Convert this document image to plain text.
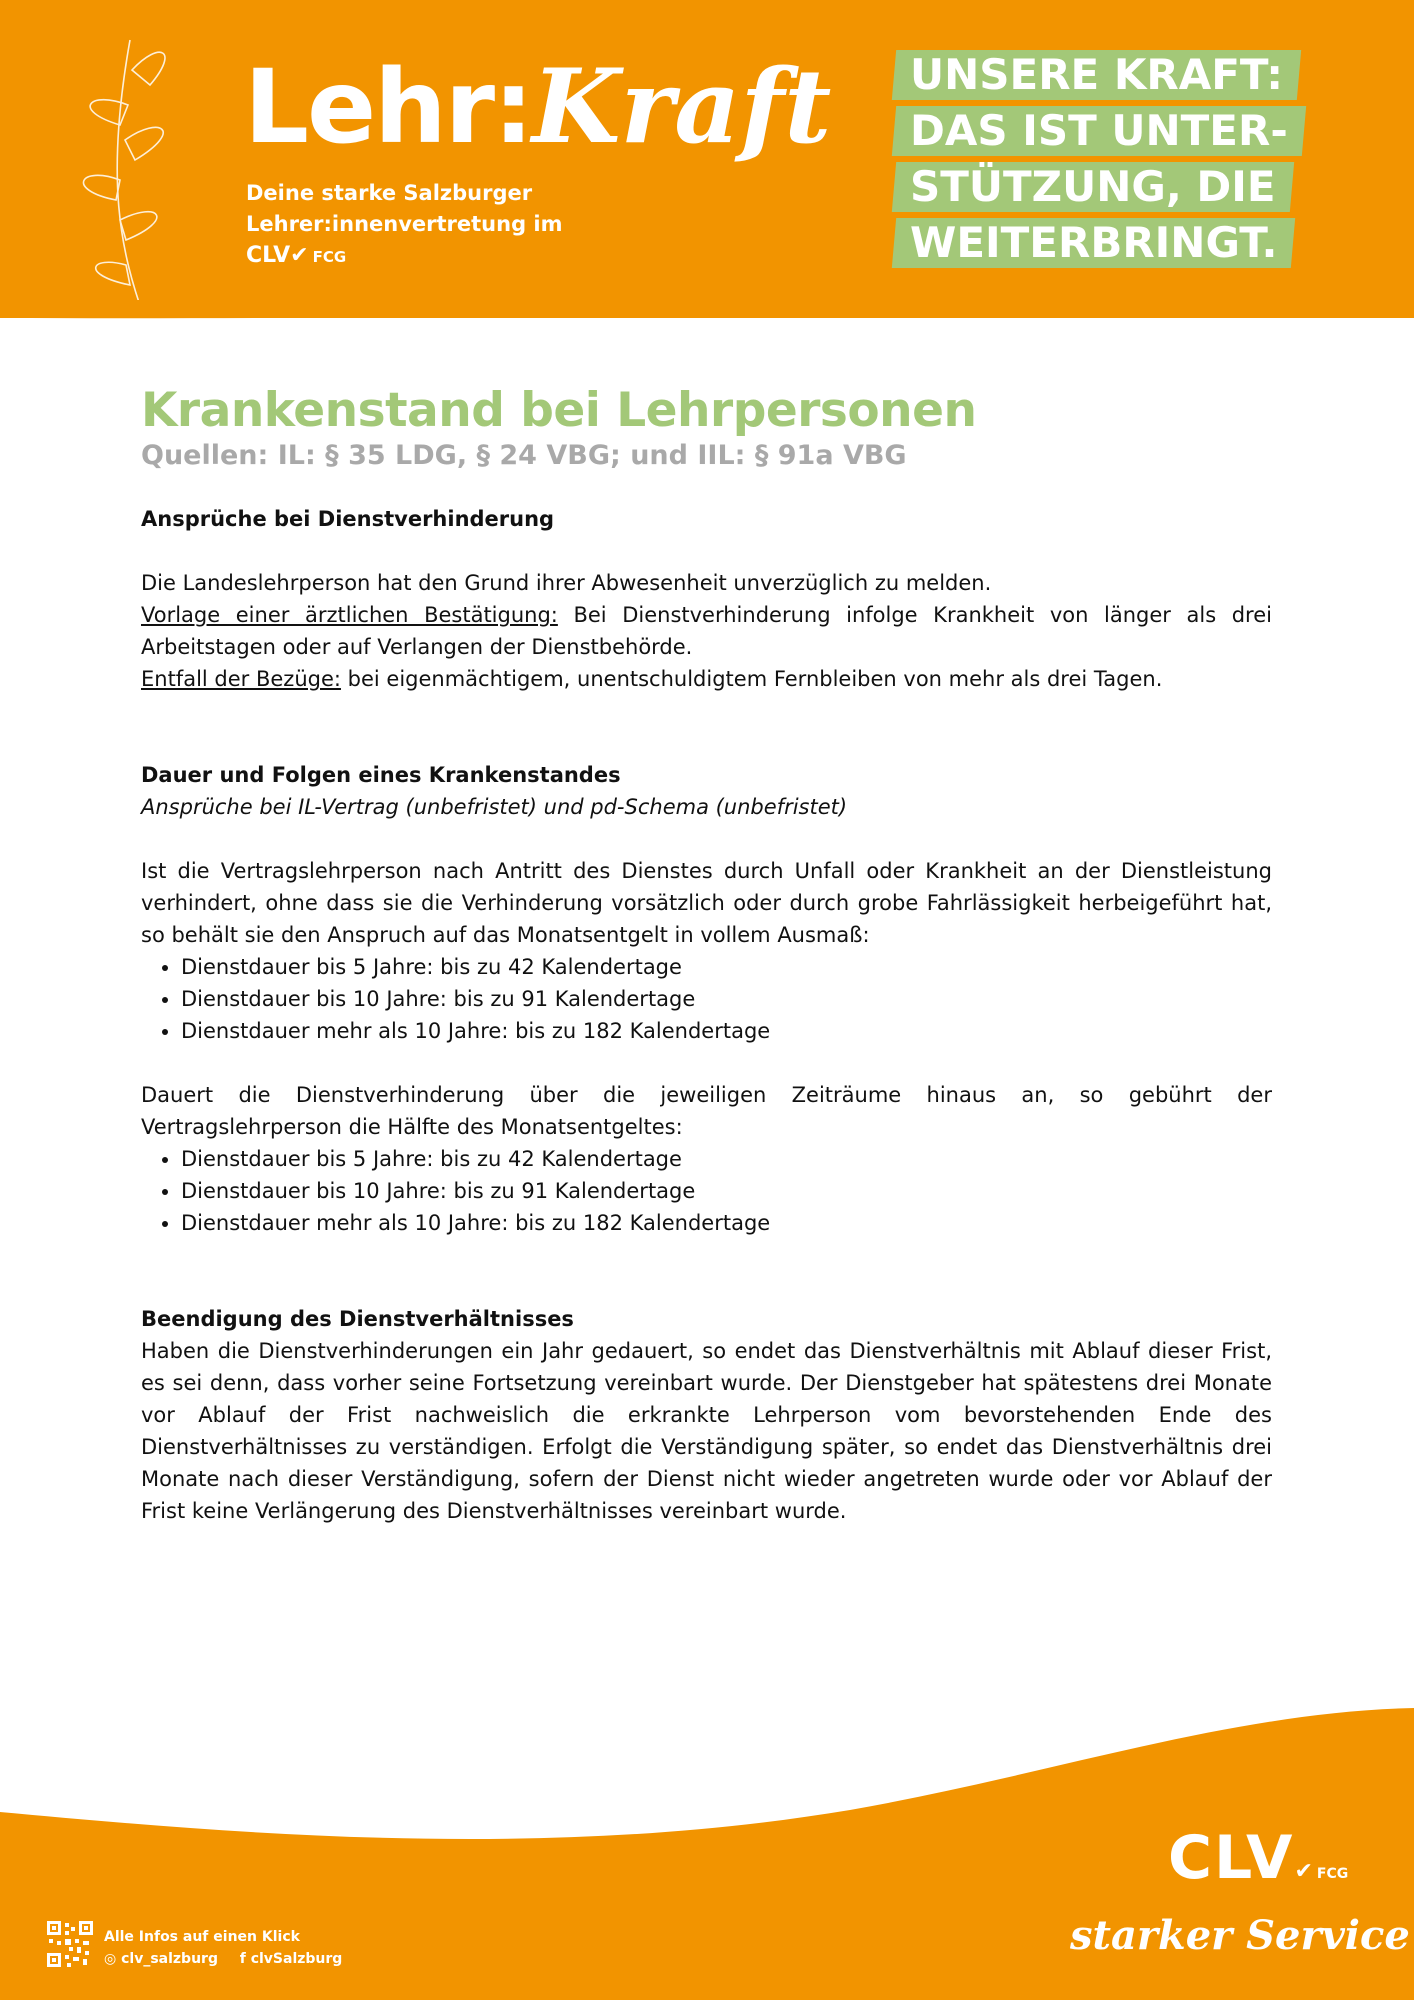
Lehr:Kraft
Deine starke Salzburger
Lehrer:innenvertretung im
CLV✔ FCG
UNSERE KRAFT:
DAS IST UNTER-
STÜTZUNG, DIE
WEITERBRINGT.
Krankenstand bei Lehrpersonen

Quellen: IL: § 35 LDG, § 24 VBG; und IIL: § 91a VBG

Ansprüche bei Dienstverhinderung

Die Landeslehrperson hat den Grund ihrer Abwesenheit unverzüglich zu melden.

Vorlage einer ärztlichen Bestätigung: Bei Dienstverhinderung infolge Krankheit von länger als drei Arbeitstagen oder auf Verlangen der Dienstbehörde.

Entfall der Bezüge: bei eigenmächtigem, unentschuldigtem Fernbleiben von mehr als drei Tagen.

Dauer und Folgen eines Krankenstandes

Ansprüche bei IL-Vertrag (unbefristet) und pd-Schema (unbefristet)

Ist die Vertragslehrperson nach Antritt des Dienstes durch Unfall oder Krankheit an der Dienstleistung verhindert, ohne dass sie die Verhinderung vorsätzlich oder durch grobe Fahrlässigkeit herbeigeführt hat, so behält sie den Anspruch auf das Monatsentgelt in vollem Ausmaß:

• Dienstdauer bis 5 Jahre: bis zu 42 Kalendertage
• Dienstdauer bis 10 Jahre: bis zu 91 Kalendertage
• Dienstdauer mehr als 10 Jahre: bis zu 182 Kalendertage

Dauert die Dienstverhinderung über die jeweiligen Zeiträume hinaus an, so gebührt der Vertragslehrperson die Hälfte des Monatsentgeltes:

• Dienstdauer bis 5 Jahre: bis zu 42 Kalendertage
• Dienstdauer bis 10 Jahre: bis zu 91 Kalendertage
• Dienstdauer mehr als 10 Jahre: bis zu 182 Kalendertage

Beendigung des Dienstverhältnisses

Haben die Dienstverhinderungen ein Jahr gedauert, so endet das Dienstverhältnis mit Ablauf dieser Frist, es sei denn, dass vorher seine Fortsetzung vereinbart wurde. Der Dienstgeber hat spätestens drei Monate vor Ablauf der Frist nachweislich die erkrankte Lehrperson vom bevorstehenden Ende des Dienstverhältnisses zu verständigen. Erfolgt die Verständigung später, so endet das Dienstverhältnis drei Monate nach dieser Verständigung, sofern der Dienst nicht wieder angetreten wurde oder vor Ablauf der Frist keine Verlängerung des Dienstverhältnisses vereinbart wurde.

Alle Infos auf einen Klick
◎ clv_salzburg f clvSalzburg
CLV✔ FCG
starker Service
